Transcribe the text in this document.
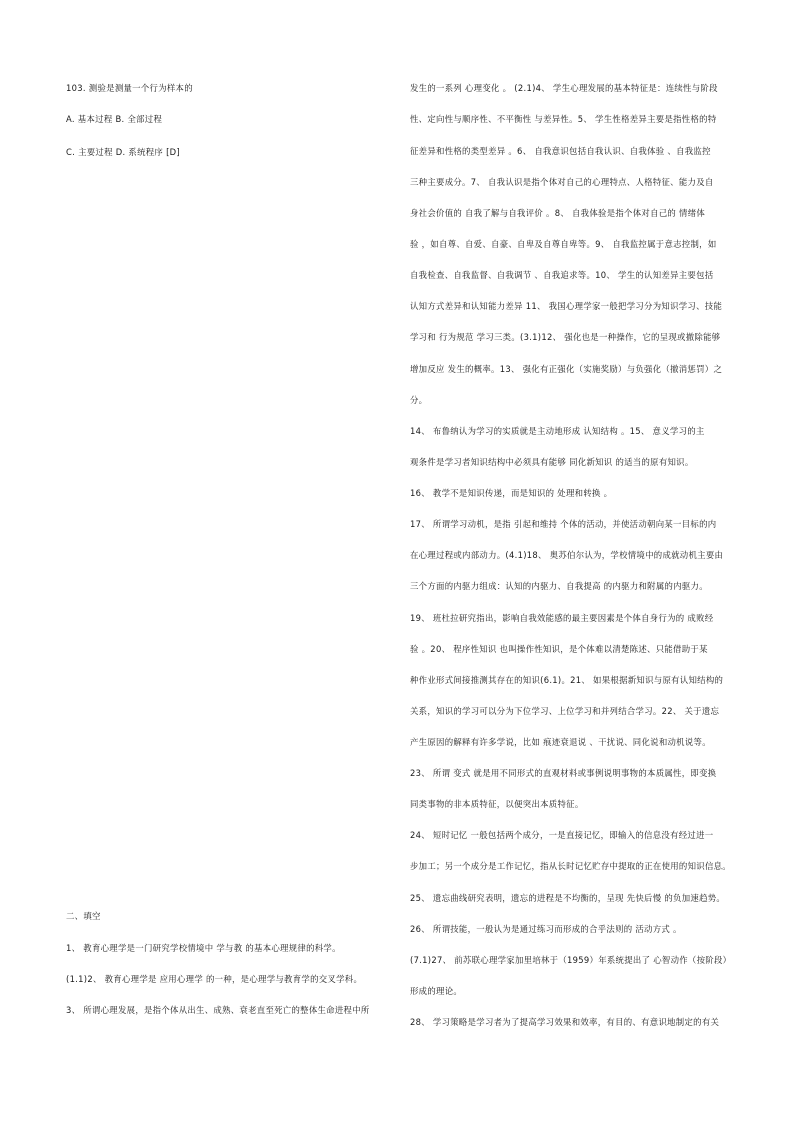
103. 测验是测量一个行为样本的
A. 基本过程 B. 全部过程
C. 主要过程 D. 系统程序 [D]
二、填空
1、 教育心理学是一门研究学校情境中 学与教 的基本心理规律的科学。
(1.1)2、 教育心理学是 应用心理学 的一种，是心理学与教育学的交叉学科。
3、 所谓心理发展，是指个体从出生、成熟、衰老直至死亡的整体生命进程中所
发生的一系列 心理变化 。 (2.1)4、 学生心理发展的基本特征是：连续性与阶段
性、定向性与顺序性、不平衡性 与差异性。5、 学生性格差异主要是指性格的特
征差异和性格的类型差异 。6、 自我意识包括自我认识、自我体验 、自我监控
三种主要成分。7、 自我认识是指个体对自己的心理特点、人格特征、能力及自
身社会价值的 自我了解与自我评价 。8、 自我体验是指个体对自己的 情绪体
验 ，如自尊、自爱、自豪、自卑及自尊自卑等。9、 自我监控属于意志控制，如
自我检查、自我监督、自我调节 、自我追求等。10、 学生的认知差异主要包括
认知方式差异和认知能力差异 11、 我国心理学家一般把学习分为知识学习、技能
学习和 行为规范 学习三类。(3.1)12、 强化也是一种操作，它的呈现或撤除能够
增加反应 发生的概率。13、 强化有正强化（实施奖励）与负强化（撤消惩罚）之
分。
14、 布鲁纳认为学习的实质就是主动地形成 认知结构 。15、 意义学习的主
观条件是学习者知识结构中必须具有能够 同化新知识 的适当的原有知识。
16、 教学不是知识传递，而是知识的 处理和转换 。
17、 所谓学习动机，是指 引起和维持 个体的活动，并使活动朝向某一目标的内
在心理过程或内部动力。(4.1)18、 奥苏伯尔认为，学校情境中的成就动机主要由
三个方面的内驱力组成：认知的内驱力、自我提高 的内驱力和附属的内驱力。
19、 班杜拉研究指出，影响自我效能感的最主要因素是个体自身行为的 成败经
验 。20、 程序性知识 也叫操作性知识，是个体难以清楚陈述、只能借助于某
种作业形式间接推测其存在的知识(6.1)。21、 如果根据新知识与原有认知结构的
关系，知识的学习可以分为下位学习、上位学习和并列结合学习。22、 关于遗忘
产生原因的解释有许多学说，比如 痕迹衰退说 、干扰说、同化说和动机说等。
23、 所谓 变式 就是用不同形式的直观材料或事例说明事物的本质属性，即变换
同类事物的非本质特征，以便突出本质特征。
24、 短时记忆 一般包括两个成分，一是直接记忆，即输入的信息没有经过进一
步加工；另一个成分是工作记忆，指从长时记忆贮存中提取的正在使用的知识信息。
25、 遗忘曲线研究表明，遗忘的进程是不均衡的，呈现 先快后慢 的负加速趋势。
26、 所谓技能，一般认为是通过练习而形成的合乎法则的 活动方式 。
(7.1)27、 前苏联心理学家加里培林于（1959）年系统提出了 心智动作（按阶段）
形成的理论。
28、 学习策略是学习者为了提高学习效果和效率，有目的、有意识地制定的有关
